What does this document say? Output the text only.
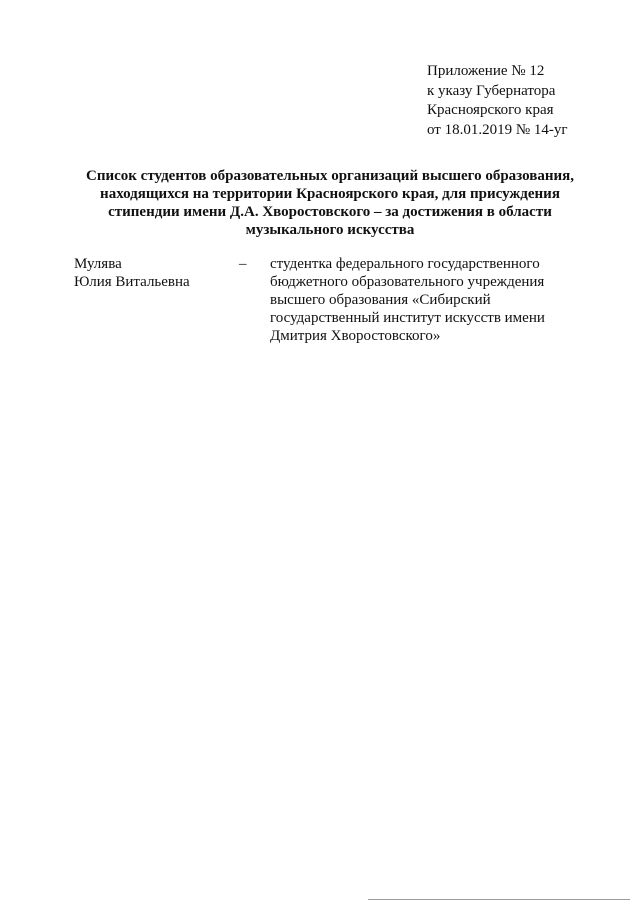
Приложение № 12
к указу Губернатора
Красноярского края
от 18.01.2019 № 14-уг
Список студентов образовательных организаций высшего образования,
находящихся на территории Красноярского края, для присуждения
стипендии имени Д.А. Хворостовского – за достижения в области
музыкального искусства
Мулява
Юлия Витальевна
–	студентка федерального государственного
бюджетного образовательного учреждения
высшего образования «Сибирский
государственный институт искусств имени
Дмитрия Хворостовского»
